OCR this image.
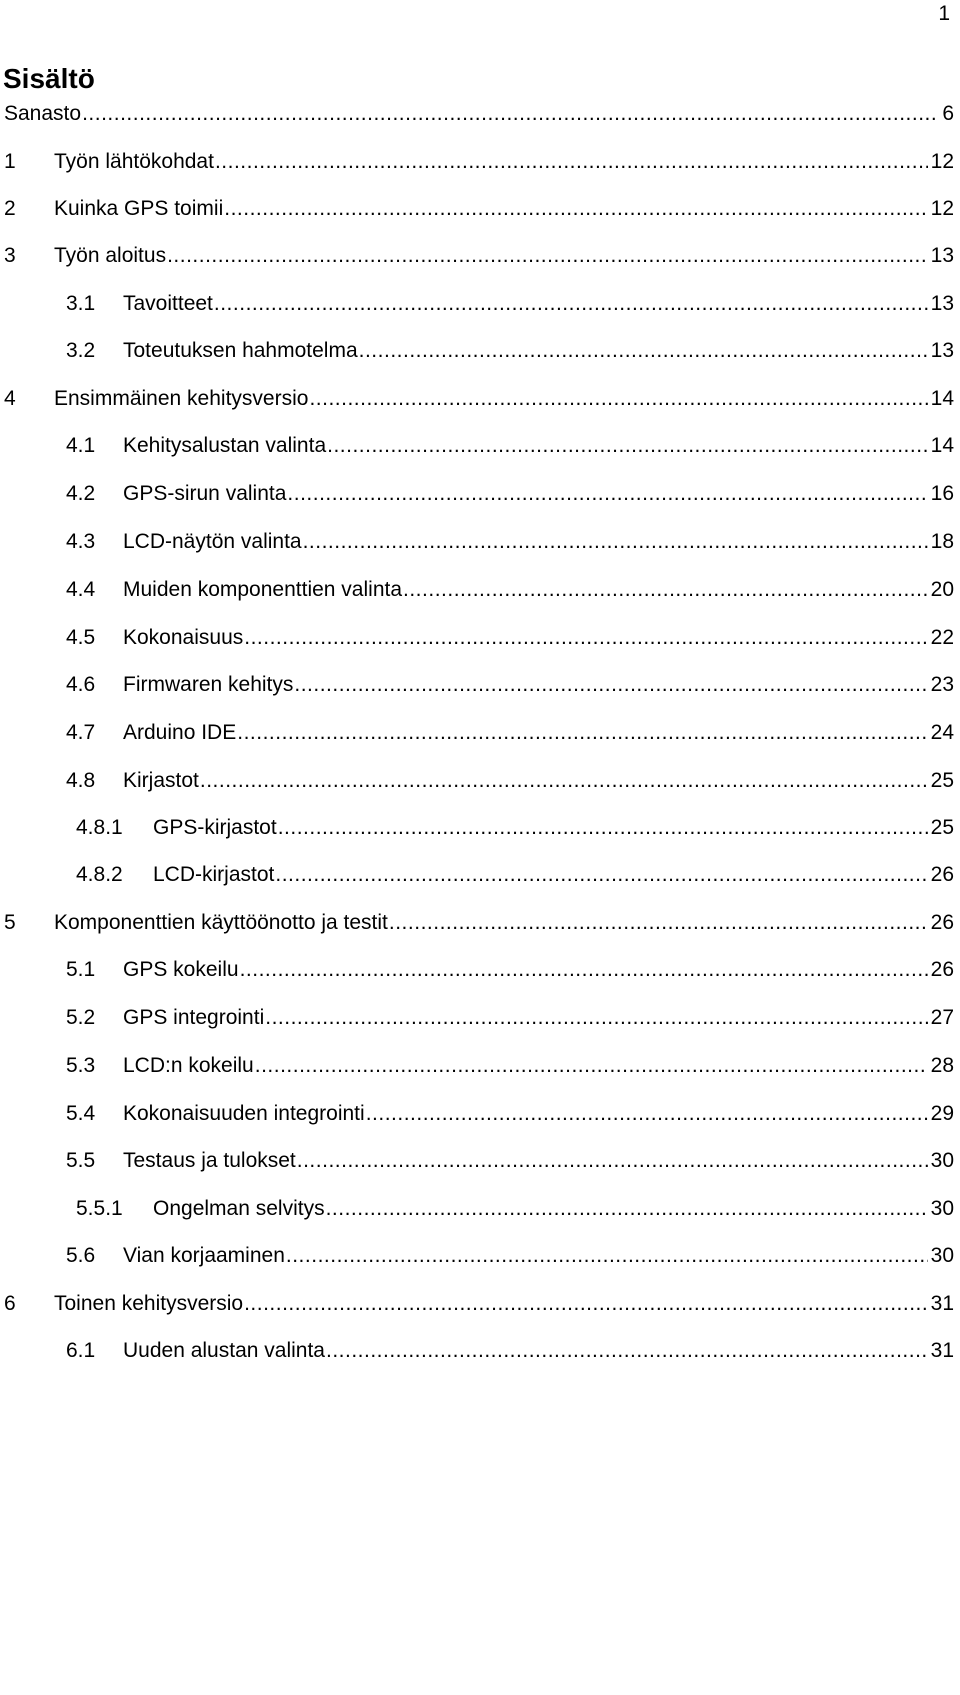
1
Sisältö
Sanasto .....	6
1	Työn lähtökohdat .....	12
2	Kuinka GPS toimii .....	12
3	Työn aloitus .....	13
3.1	Tavoitteet .....	13
3.2	Toteutuksen hahmotelma .....	13
4	Ensimmäinen kehitysversio .....	14
4.1	Kehitysalustan valinta .....	14
4.2	GPS-sirun valinta .....	16
4.3	LCD-näytön valinta .....	18
4.4	Muiden komponenttien valinta .....	20
4.5	Kokonaisuus .....	22
4.6	Firmwaren kehitys .....	23
4.7	Arduino IDE .....	24
4.8	Kirjastot .....	25
4.8.1	GPS-kirjastot .....	25
4.8.2	LCD-kirjastot .....	26
5	Komponenttien käyttöönotto ja testit .....	26
5.1	GPS kokeilu .....	26
5.2	GPS integrointi .....	27
5.3	LCD:n kokeilu .....	28
5.4	Kokonaisuuden integrointi .....	29
5.5	Testaus ja tulokset .....	30
5.5.1	Ongelman selvitys .....	30
5.6	Vian korjaaminen .....	30
6	Toinen kehitysversio .....	31
6.1	Uuden alustan valinta .....	31
